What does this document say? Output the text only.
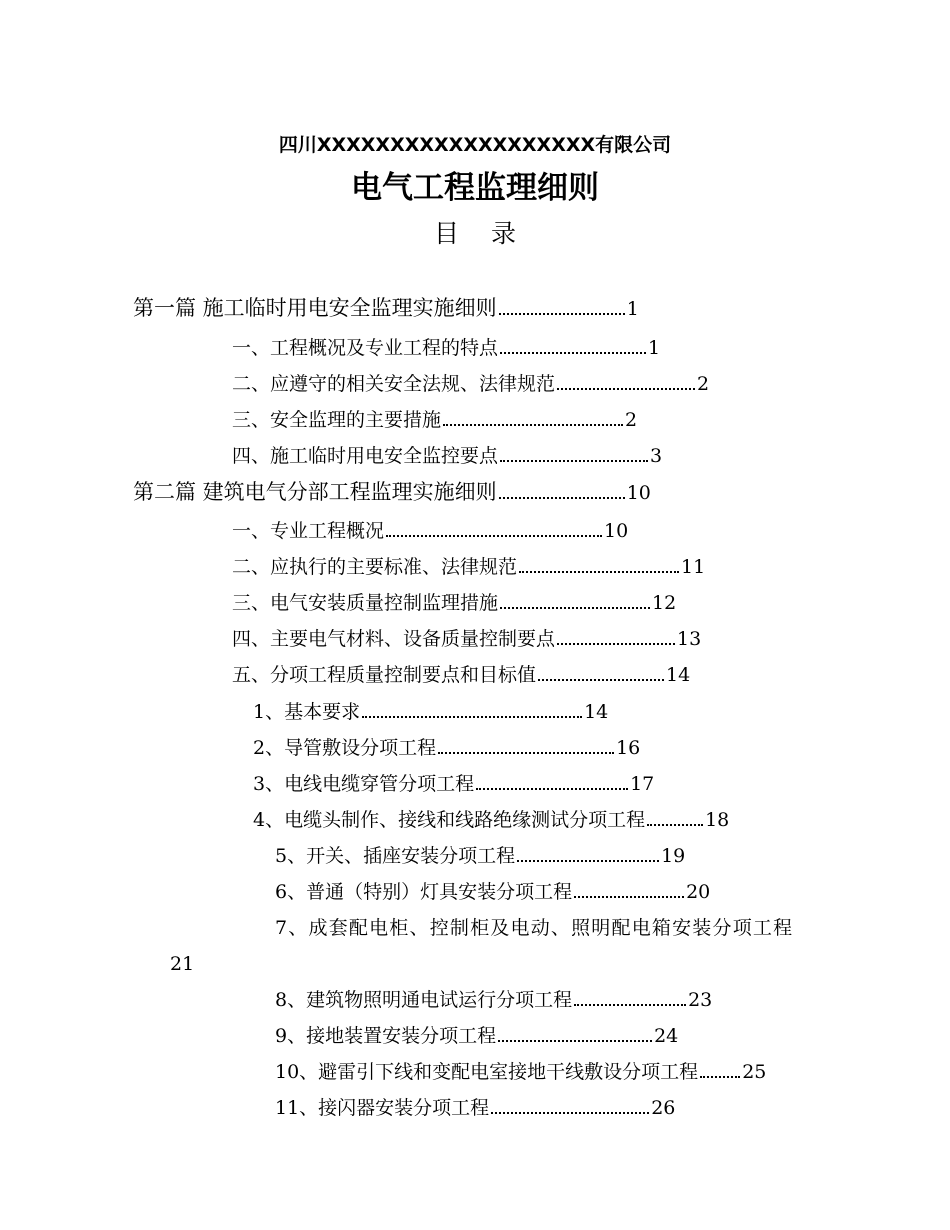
四川XXXXXXXXXXXXXXXXXXX有限公司
电气工程监理细则
目 录
第一篇 施工临时用电安全监理实施细则	1
一、工程概况及专业工程的特点	1
二、应遵守的相关安全法规、法律规范	2
三、安全监理的主要措施	2
四、施工临时用电安全监控要点	3
第二篇 建筑电气分部工程监理实施细则	10
一、专业工程概况	10
二、应执行的主要标准、法律规范	11
三、电气安装质量控制监理措施	12
四、主要电气材料、设备质量控制要点	13
五、分项工程质量控制要点和目标值	14
1、基本要求	14
2、导管敷设分项工程	16
3、电线电缆穿管分项工程	17
4、电缆头制作、接线和线路绝缘测试分项工程	18
5、开关、插座安装分项工程	19
6、普通（特别）灯具安装分项工程	20
7、成套配电柜、控制柜及电动、照明配电箱安装分项工程
21
8、建筑物照明通电试运行分项工程	23
9、接地装置安装分项工程	24
10、避雷引下线和变配电室接地干线敷设分项工程 25
11、接闪器安装分项工程	26
